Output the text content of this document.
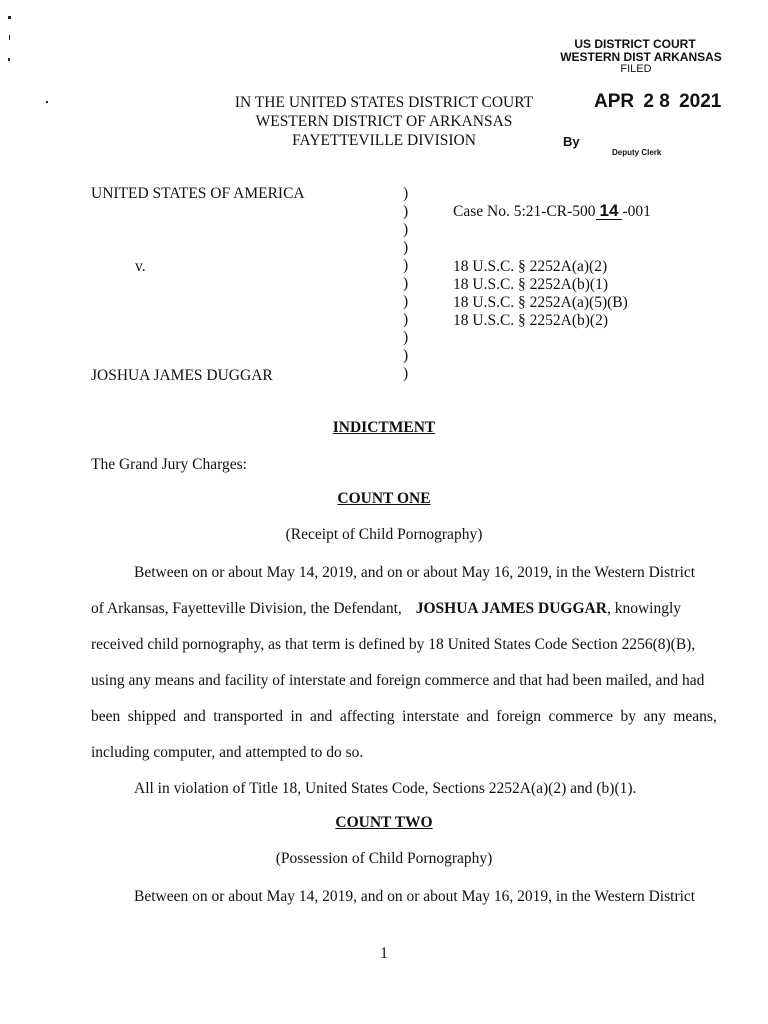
US DISTRICT COURT
WESTERN DIST ARKANSAS
FILED
APR 2 8 2021
By
Deputy Clerk
IN THE UNITED STATES DISTRICT COURT
WESTERN DISTRICT OF ARKANSAS
FAYETTEVILLE DIVISION
UNITED STATES OF AMERICA
v.
JOSHUA JAMES DUGGAR
)
)
)
)
)
)
)
)
)
)
)
Case No. 5:21-CR-500 14 -001
18 U.S.C. § 2252A(a)(2)
18 U.S.C. § 2252A(b)(1)
18 U.S.C. § 2252A(a)(5)(B)
18 U.S.C. § 2252A(b)(2)
INDICTMENT
The Grand Jury Charges:
COUNT ONE
(Receipt of Child Pornography)
Between on or about May 14, 2019, and on or about May 16, 2019, in the Western District
of Arkansas, Fayetteville Division, the Defendant, JOSHUA JAMES DUGGAR, knowingly
received child pornography, as that term is defined by 18 United States Code Section 2256(8)(B),
using any means and facility of interstate and foreign commerce and that had been mailed, and had
been shipped and transported in and affecting interstate and foreign commerce by any means,
including computer, and attempted to do so.
All in violation of Title 18, United States Code, Sections 2252A(a)(2) and (b)(1).
COUNT TWO
(Possession of Child Pornography)
Between on or about May 14, 2019, and on or about May 16, 2019, in the Western District
1
